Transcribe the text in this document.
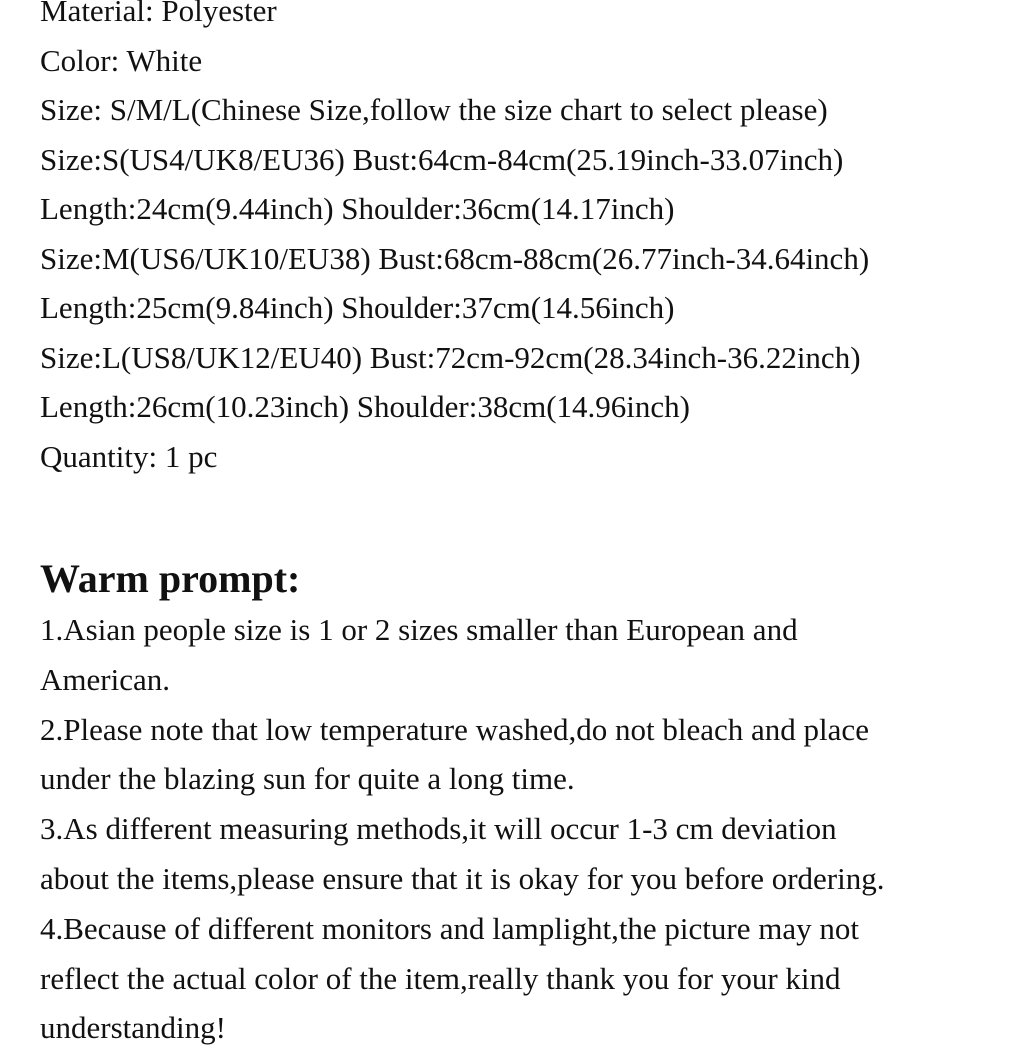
Material: Polyester

Color: White

Size: S/M/L(Chinese Size,follow the size chart to select please)

Size:S(US4/UK8/EU36) Bust:64cm-84cm(25.19inch-33.07inch)

Length:24cm(9.44inch) Shoulder:36cm(14.17inch)

Size:M(US6/UK10/EU38) Bust:68cm-88cm(26.77inch-34.64inch)

Length:25cm(9.84inch) Shoulder:37cm(14.56inch)

Size:L(US8/UK12/EU40) Bust:72cm-92cm(28.34inch-36.22inch)

Length:26cm(10.23inch) Shoulder:38cm(14.96inch)

Quantity: 1 pc

Warm prompt:

1.Asian people size is 1 or 2 sizes smaller than European and

American.

2.Please note that low temperature washed,do not bleach and place

under the blazing sun for quite a long time.

3.As different measuring methods,it will occur 1-3 cm deviation

about the items,please ensure that it is okay for you before ordering.

4.Because of different monitors and lamplight,the picture may not

reflect the actual color of the item,really thank you for your kind

understanding!
